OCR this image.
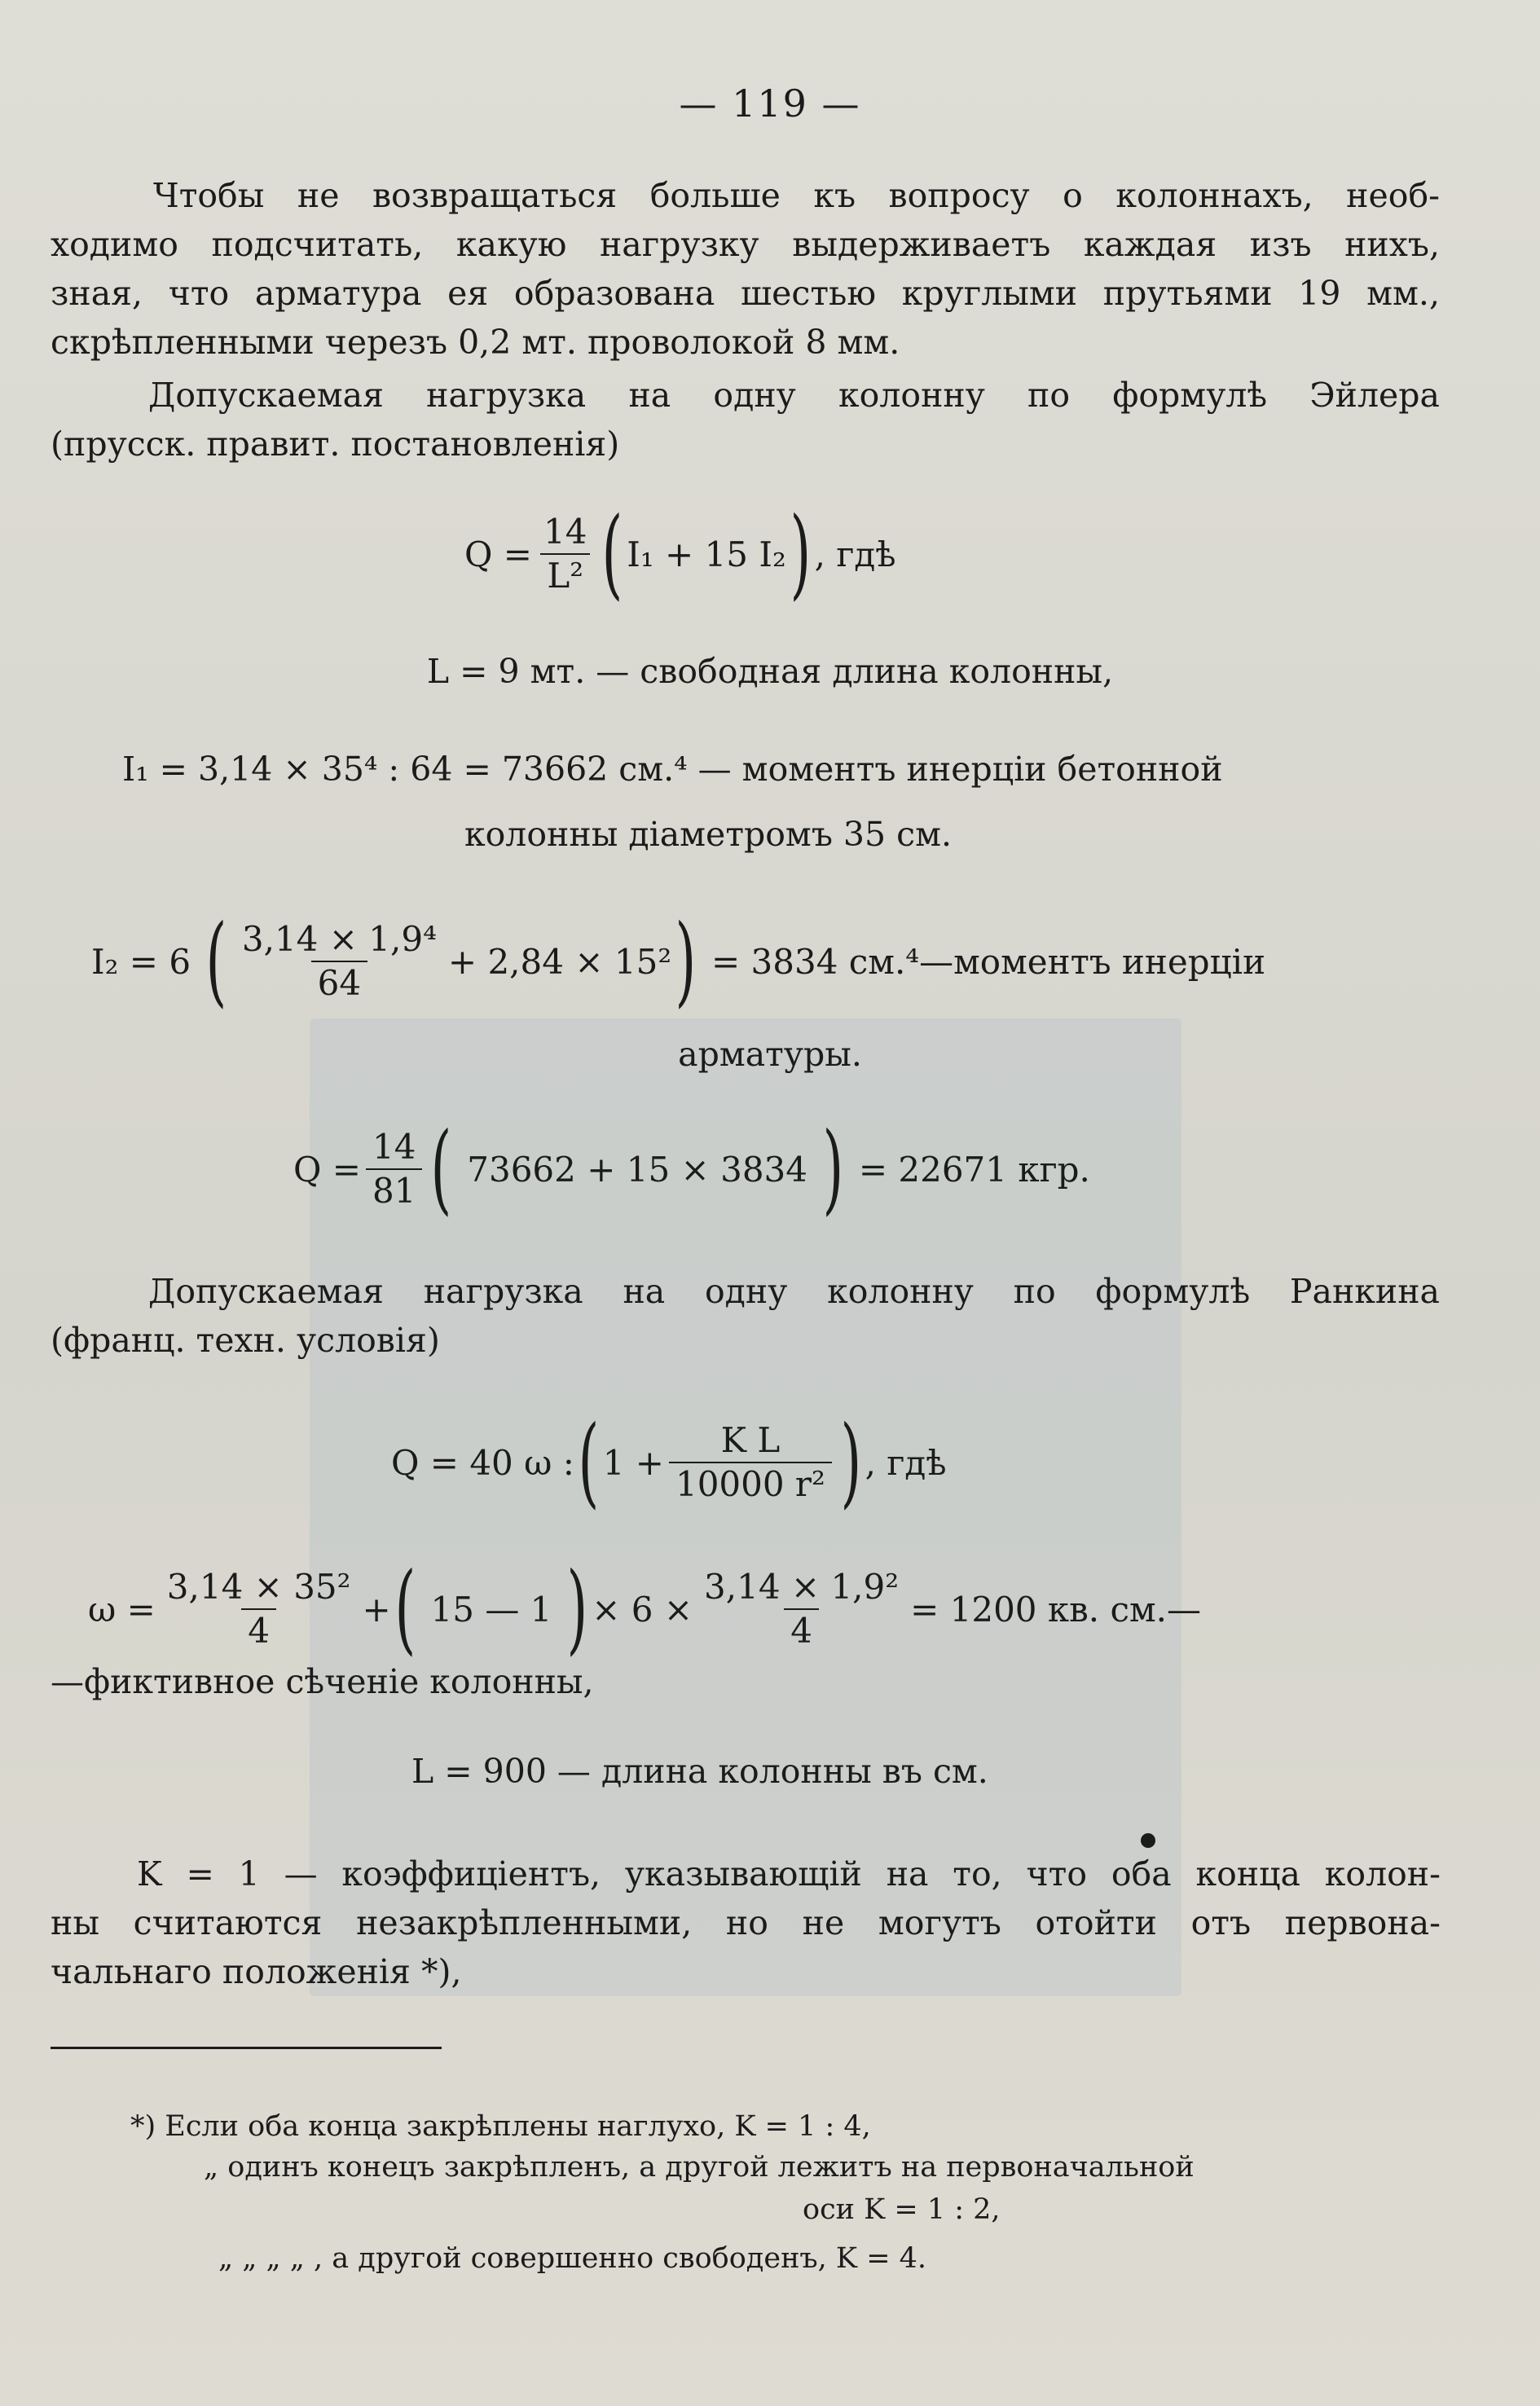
— 119 —
Чтобы не возвращаться больше къ вопросу о колоннахъ, необ-
ходимо подсчитать, какую нагрузку выдерживаетъ каждая изъ нихъ,
зная, что арматура ея образована шестью круглыми прутьями 19 мм.,
скрѣпленными черезъ 0,2 мт. проволокой 8 мм.
Допускаемая нагрузка на одну колонну по формулѣ Эйлера
(прусск. правит. постановленія)
$Q = \frac{14}{\text{L²}}$ ( I₁ + 15 I₂ ) , гдѣ
L = 9 мт. — свободная длина колонны,
I₁ = 3,14 × 35⁴ : 64 = 73662 см.⁴ — моментъ инерціи бетонной
колонны діаметромъ 35 см.
I₂ = 6 ( $\frac{\text{3,14 × 1,9⁴}}{64} + 2,84 \times 15^2$ ) = 3834 см.⁴—моментъ инерціи
арматуры.
$Q = \frac{14}{81}$ ( 73662 + 15 × 3834 ) = 22671 кгр.
Допускаемая нагрузка на одну колонну по формулѣ Ранкина
(франц. техн. условія)
Q = 40 ω : ( $1 + \frac{\text{K L}}{\text{10000 r²}}$ ) , гдѣ
$\omega = \frac{\text{3,14 × 35²}}{4}$ + ( 15 — 1 ) × $6 \times \frac{\text{3,14 × 1,9²}}{4} = 1200$ кв. см.—
—фиктивное сѣченіе колонны,
L = 900 — длина колонны въ см.
K = 1 — коэффиціентъ, указывающій на то, что оба конца колон-
ны считаются незакрѣпленными, но не могутъ отойти отъ первона-
чальнаго положенія *),
*) Если оба конца закрѣплены наглухо, K = 1 : 4,
„ одинъ конецъ закрѣпленъ, а другой лежитъ на первоначальной
оси K = 1 : 2,
„ „ „ „ , а другой совершенно свободенъ, K = 4.
